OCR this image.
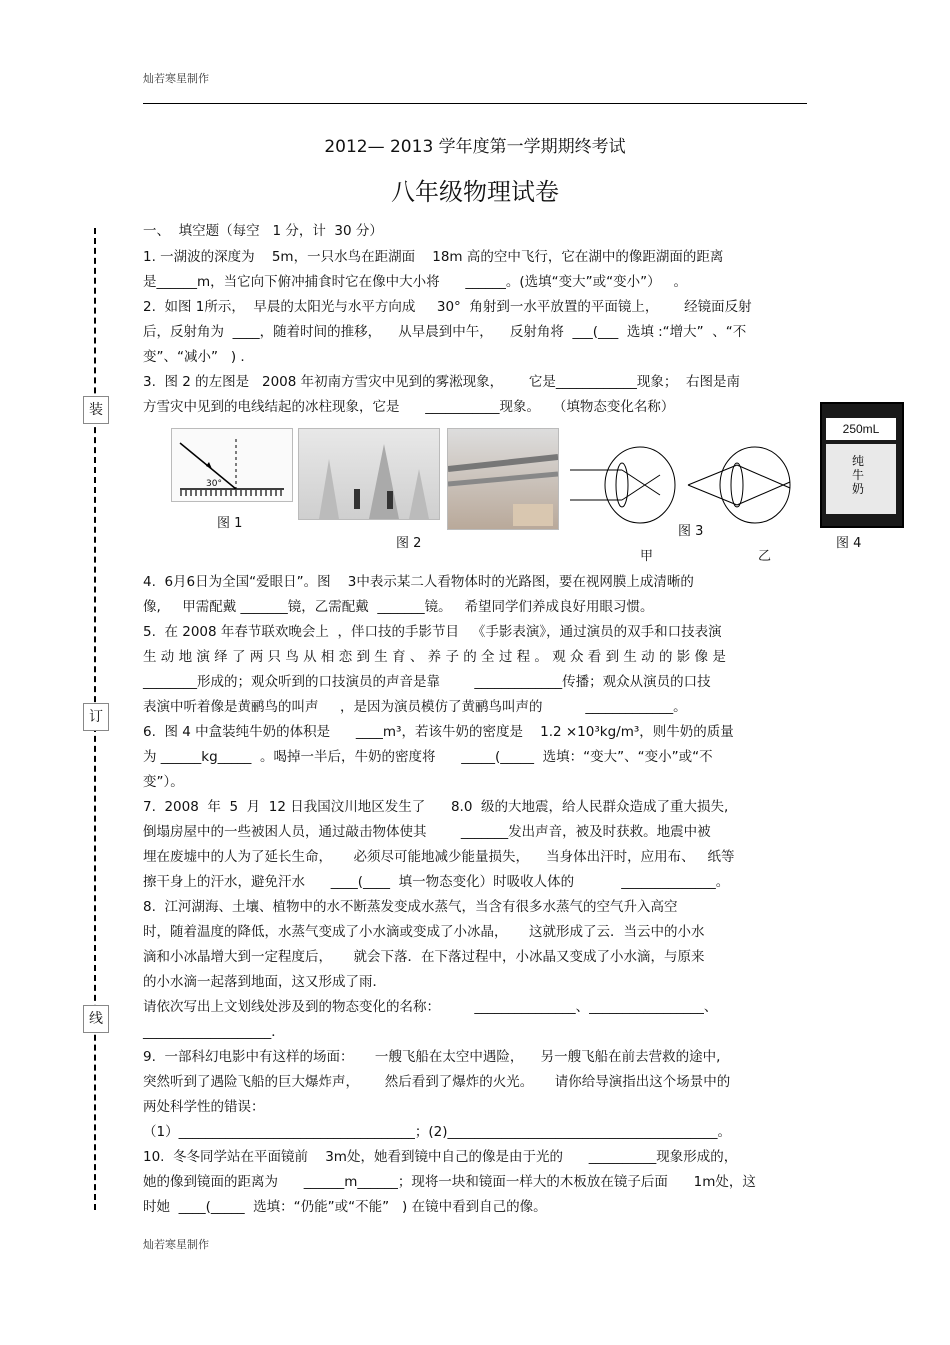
灿若寒星制作
2012— 2013 学年度第一学期期终考试
八年级物理试卷
装
订
线
一、  填空题（每空   1 分，计  30 分）
1. 一湖波的深度为    5m，一只水鸟在距湖面    18m 高的空中飞行，它在湖中的像距湖面的距离
是______m，当它向下俯冲捕食时它在像中大小将      ______。(选填“变大”或“变小”）   。
2.  如图 1所示，  早晨的太阳光与水平方向成     30°  角射到一水平放置的平面镜上，      经镜面反射
后，反射角为  ____，随着时间的推移，    从早晨到中午，    反射角将  ___(___  选填 :“增大”  、“不
变”、“减小”   ) .
3.  图 2 的左图是   2008 年初南方雪灾中见到的雾淞现象，      它是____________现象；  右图是南
方雪灾中见到的电线结起的冰柱现象，它是      ___________现象。   （填物态变化名称）
30°
图 1
图 2
图 3
甲	乙
250mL
纯牛奶
图 4
4.  6月6日为全国“爱眼日”。图    3中表示某二人看物体时的光路图，要在视网膜上成清晰的
像,     甲需配戴 _______镜，乙需配戴  _______镜。   希望同学们养成良好用眼习惯。
5.  在 2008 年春节联欢晚会上  ，伴口技的手影节目   《手影表演》，通过演员的双手和口技表演
生 动 地 演 绎 了 两 只 鸟 从 相 恋 到 生 育 、 养 子 的 全 过 程 。 观 众 看 到 生 动 的 影 像 是
________形成的；观众听到的口技演员的声音是靠        _____________传播；观众从演员的口技
表演中听着像是黄鹂鸟的叫声     ，是因为演员模仿了黄鹂鸟叫声的          _____________。
6.  图 4 中盒装纯牛奶的体积是      ____m³，若该牛奶的密度是    1.2 ×10³kg/m³，则牛奶的质量
为 ______kg_____  。喝掉一半后，牛奶的密度将      _____(_____  选填：“变大”、“变小”或“不
变”）。
7.  2008  年  5  月  12 日我国汶川地区发生了      8.0  级的大地震，给人民群众造成了重大损失,
倒塌房屋中的一些被困人员，通过敲击物体使其        _______发出声音，被及时获救。地震中被
埋在废墟中的人为了延长生命，     必须尽可能地减少能量损失，    当身体出汗时，应用布、   纸等
擦干身上的汗水，避免汗水      ____(____  填一物态变化）时吸收人体的           ______________。
8.  江河湖海、土壤、植物中的水不断蒸发变成水蒸气，当含有很多水蒸气的空气升入高空
时，随着温度的降低，水蒸气变成了小水滴或变成了小冰晶，     这就形成了云．当云中的小水
滴和小冰晶增大到一定程度后，     就会下落．在下落过程中，小冰晶又变成了小水滴，与原来
的小水滴一起落到地面，这又形成了雨．
请依次写出上文划线处涉及到的物态变化的名称：        _______________、_________________、
___________________．
9.  一部科幻电影中有这样的场面：     一艘飞船在太空中遇险，    另一艘飞船在前去营救的途中,
突然听到了遇险飞船的巨大爆炸声，      然后看到了爆炸的火光。     请你给导演指出这个场景中的
两处科学性的错误：
（1）___________________________________；(2)________________________________________。
10.  冬冬同学站在平面镜前    3m处，她看到镜中自己的像是由于光的      __________现象形成的，
她的像到镜面的距离为      ______m______；现将一块和镜面一样大的木板放在镜子后面      1m处，这
时她  ____(_____  选填：“仍能”或“不能”   ) 在镜中看到自己的像。
灿若寒星制作
